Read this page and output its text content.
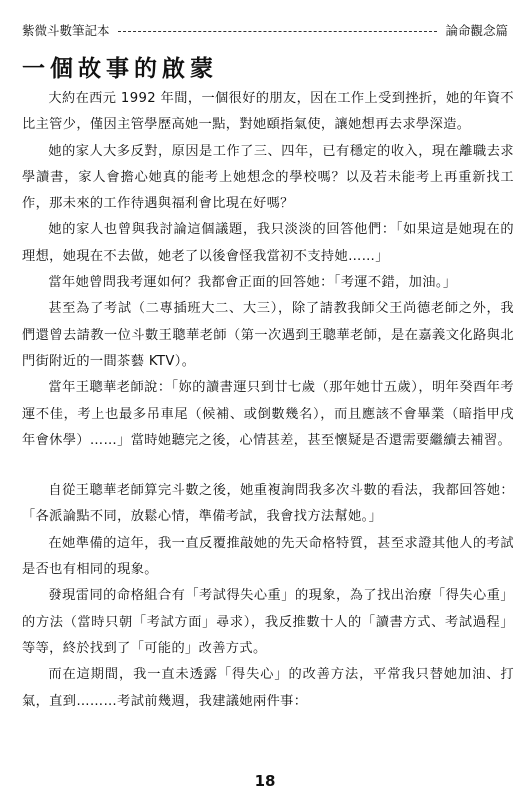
紫微斗數筆記本	論命觀念篇
一個故事的啟蒙

大約在西元 1992 年間，一個很好的朋友，因在工作上受到挫折，她的年資不比主管少，僅因主管學歷高她一點，對她頤指氣使，讓她想再去求學深造。

她的家人大多反對，原因是工作了三、四年，已有穩定的收入，現在離職去求學讀書，家人會擔心她真的能考上她想念的學校嗎？以及若未能考上再重新找工作，那未來的工作待遇與福利會比現在好嗎？

她的家人也曾與我討論這個議題，我只淡淡的回答他們：「如果這是她現在的理想，她現在不去做，她老了以後會怪我當初不支持她……」

當年她曾問我考運如何？我都會正面的回答她：「考運不錯，加油。」

甚至為了考試（二專插班大二、大三），除了請教我師父王尚德老師之外，我們還曾去請教一位斗數王聰華老師（第一次遇到王聰華老師，是在嘉義文化路與北門街附近的一間茶藝 KTV）。

當年王聰華老師說：「妳的讀書運只到廿七歲（那年她廿五歲），明年癸酉年考運不佳，考上也最多吊車尾（候補、或倒數幾名），而且應該不會畢業（暗指甲戌年會休學）……」當時她聽完之後，心情甚差，甚至懷疑是否還需要繼續去補習。

自從王聰華老師算完斗數之後，她重複詢問我多次斗數的看法，我都回答她：「各派論點不同，放鬆心情，準備考試，我會找方法幫她。」

在她準備的這年，我一直反覆推敲她的先天命格特質，甚至求證其他人的考試是否也有相同的現象。

發現雷同的命格組合有「考試得失心重」的現象，為了找出治療「得失心重」的方法（當時只朝「考試方面」尋求），我反推數十人的「讀書方式、考試過程」等等，終於找到了「可能的」改善方式。

而在這期間，我一直未透露「得失心」的改善方法，平常我只替她加油、打氣，直到………考試前幾週，我建議她兩件事：

18
